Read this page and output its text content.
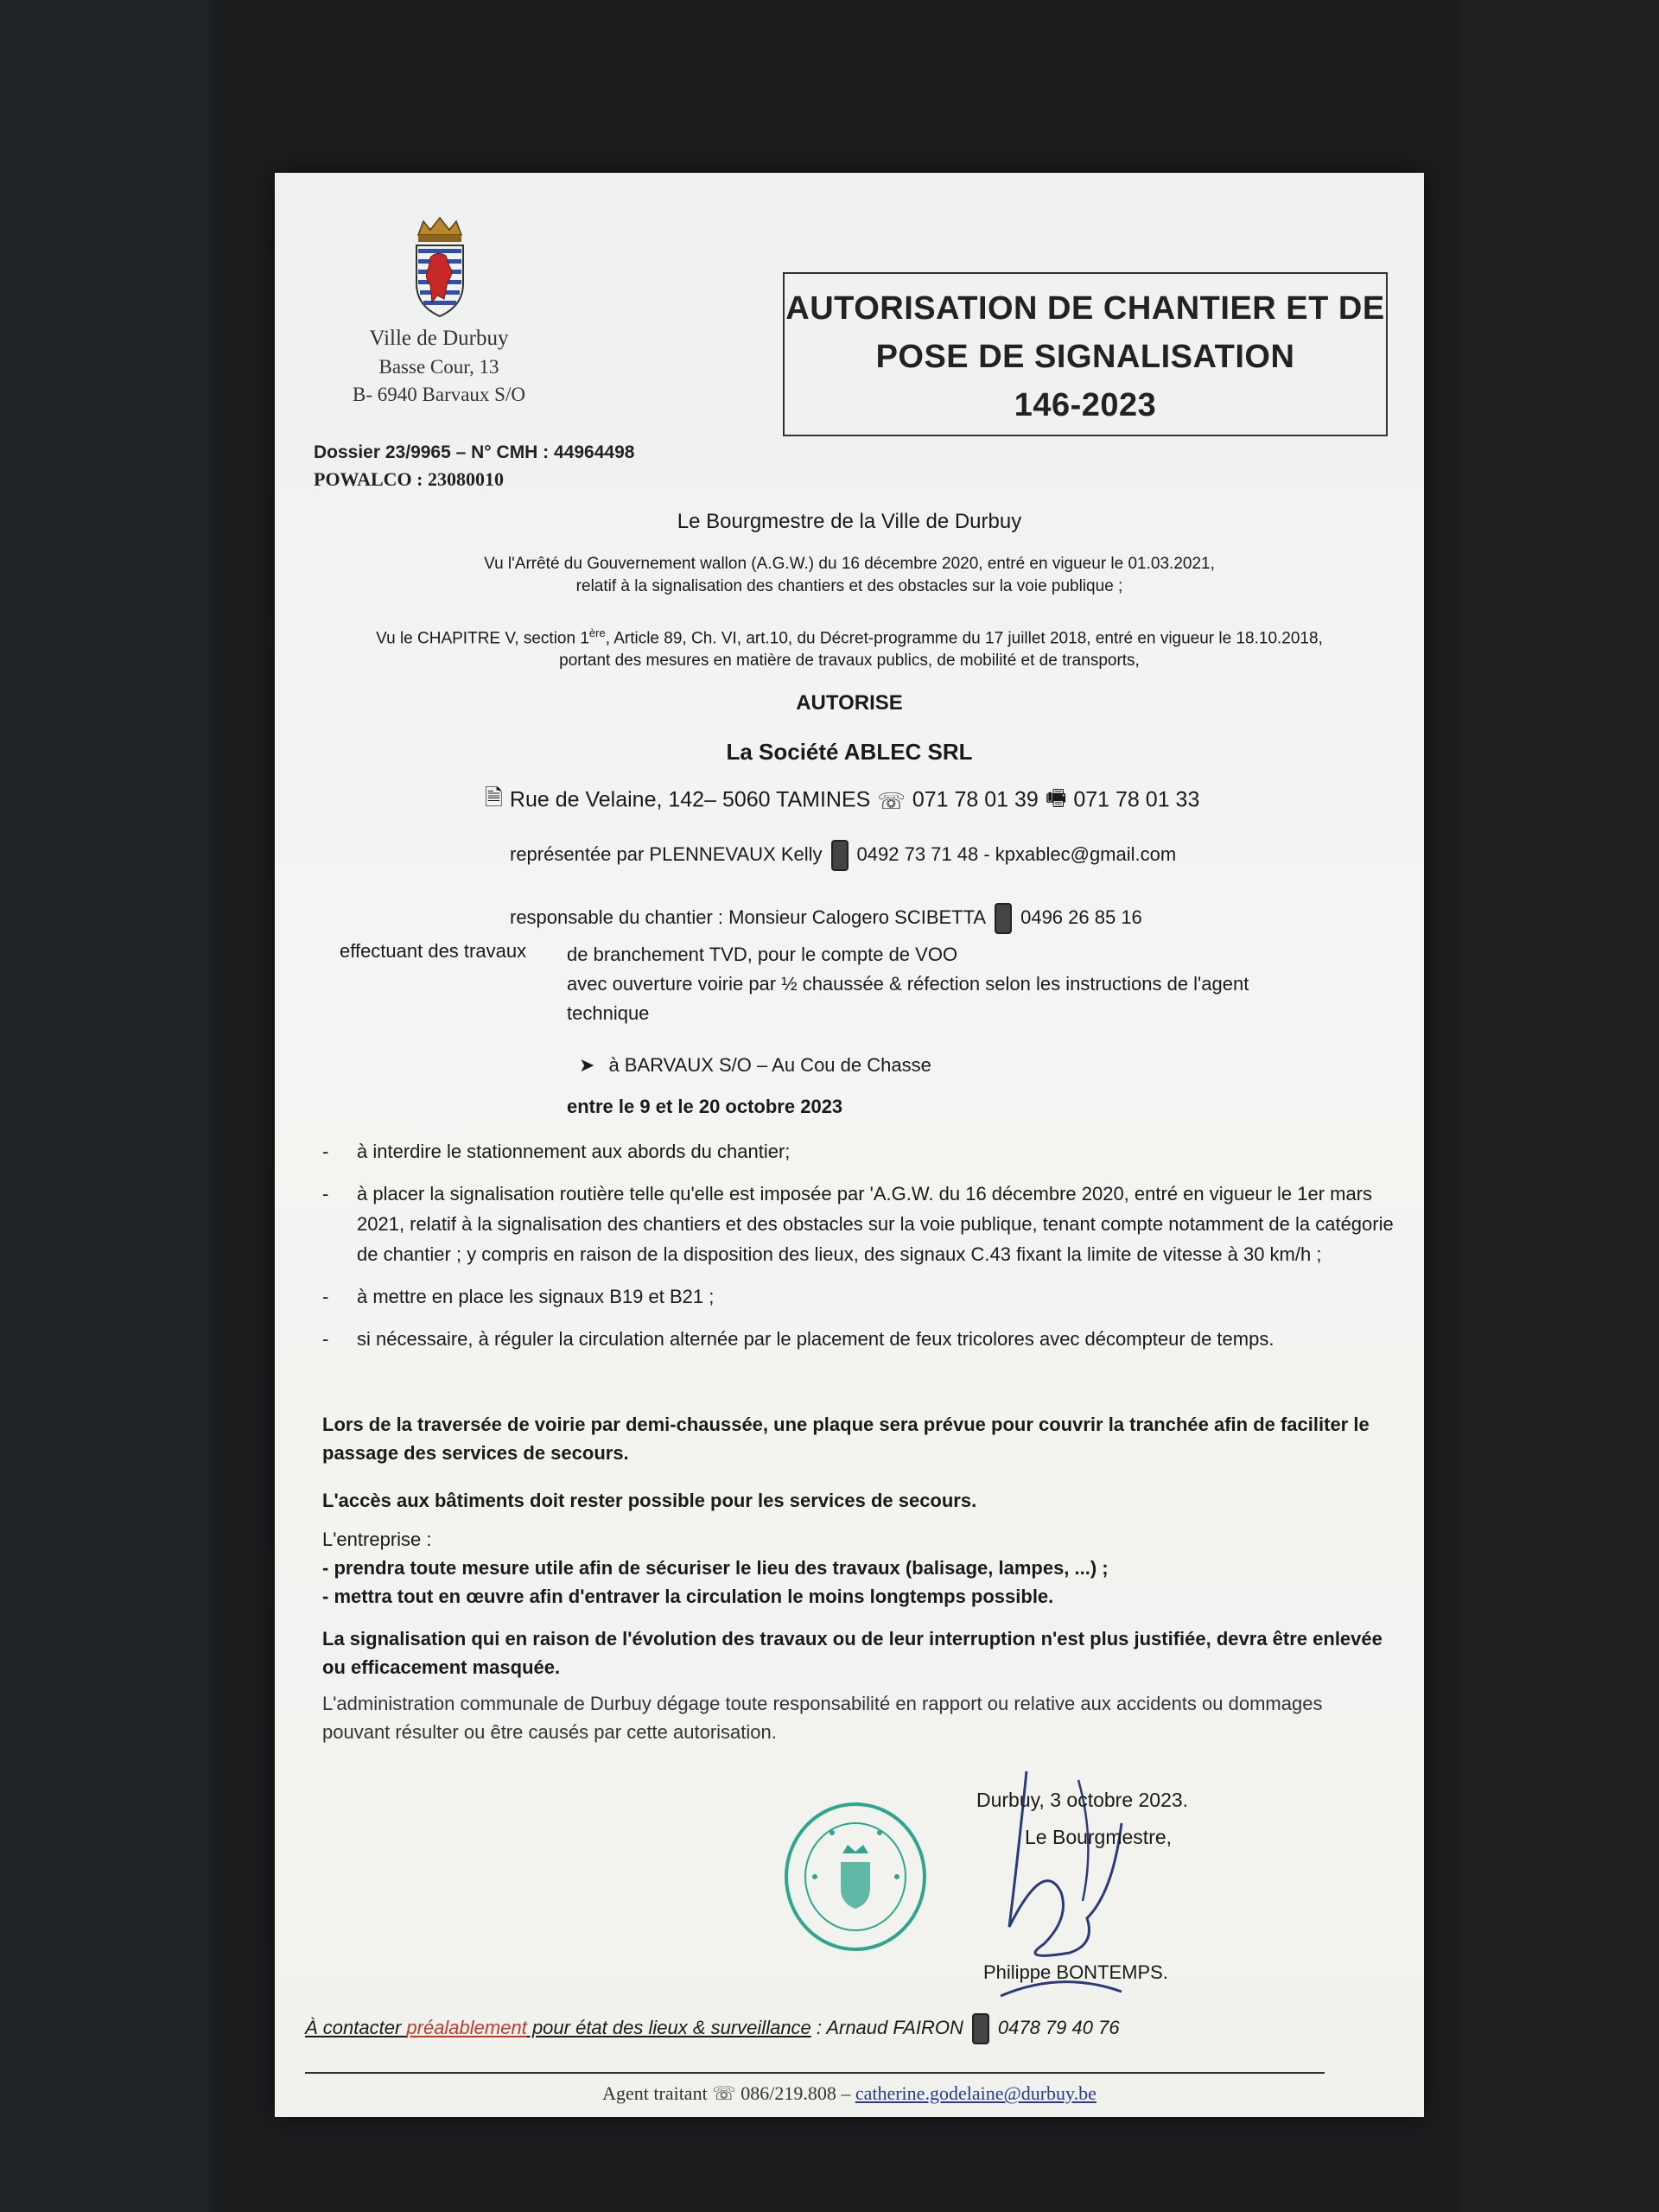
Ville de Durbuy
Basse Cour, 13
B- 6940 Barvaux S/O
AUTORISATION DE CHANTIER ET DE
POSE DE SIGNALISATION
146-2023
Dossier 23/9965 – N° CMH : 44964498
POWALCO : 23080010
Le Bourgmestre de la Ville de Durbuy
Vu l'Arrêté du Gouvernement wallon (A.G.W.) du 16 décembre 2020, entré en vigueur le 01.03.2021,
relatif à la signalisation des chantiers et des obstacles sur la voie publique ;
Vu le CHAPITRE V, section 1ère, Article 89, Ch. VI, art.10, du Décret-programme du 17 juillet 2018, entré en vigueur le 18.10.2018,
portant des mesures en matière de travaux publics, de mobilité et de transports,
AUTORISE
La Société ABLEC SRL
🗎 Rue de Velaine, 142– 5060 TAMINES ☏ 071 78 01 39 🖷 071 78 01 33
représentée par PLENNEVAUX Kelly 0492 73 71 48 - kpxablec@gmail.com
responsable du chantier : Monsieur Calogero SCIBETTA 0496 26 85 16
effectuant des travaux de branchement TVD, pour le compte de VOO
avec ouverture voirie par ½ chaussée & réfection selon les instructions de l'agent
technique
➤ à BARVAUX S/O – Au Cou de Chasse
entre le 9 et le 20 octobre 2023
-	à interdire le stationnement aux abords du chantier;
-	à placer la signalisation routière telle qu'elle est imposée par 'A.G.W. du 16 décembre 2020, entré en vigueur le 1er mars 2021, relatif à la signalisation des chantiers et des obstacles sur la voie publique, tenant compte notamment de la catégorie de chantier ; y compris en raison de la disposition des lieux, des signaux C.43 fixant la limite de vitesse à 30 km/h ;
-	à mettre en place les signaux B19 et B21 ;
-	si nécessaire, à réguler la circulation alternée par le placement de feux tricolores avec décompteur de temps.
Lors de la traversée de voirie par demi-chaussée, une plaque sera prévue pour couvrir la tranchée afin de faciliter le passage des services de secours.
L'accès aux bâtiments doit rester possible pour les services de secours.
L'entreprise :
- prendra toute mesure utile afin de sécuriser le lieu des travaux (balisage, lampes, ...) ;
- mettra tout en œuvre afin d'entraver la circulation le moins longtemps possible.
La signalisation qui en raison de l'évolution des travaux ou de leur interruption n'est plus justifiée, devra être enlevée ou efficacement masquée.
L'administration communale de Durbuy dégage toute responsabilité en rapport ou relative aux accidents ou dommages pouvant résulter ou être causés par cette autorisation.
Durbuy, 3 octobre 2023.
Le Bourgmestre,
Philippe BONTEMPS.
À contacter préalablement pour état des lieux & surveillance : Arnaud FAIRON 0478 79 40 76
Agent traitant ☏ 086/219.808 – catherine.godelaine@durbuy.be
